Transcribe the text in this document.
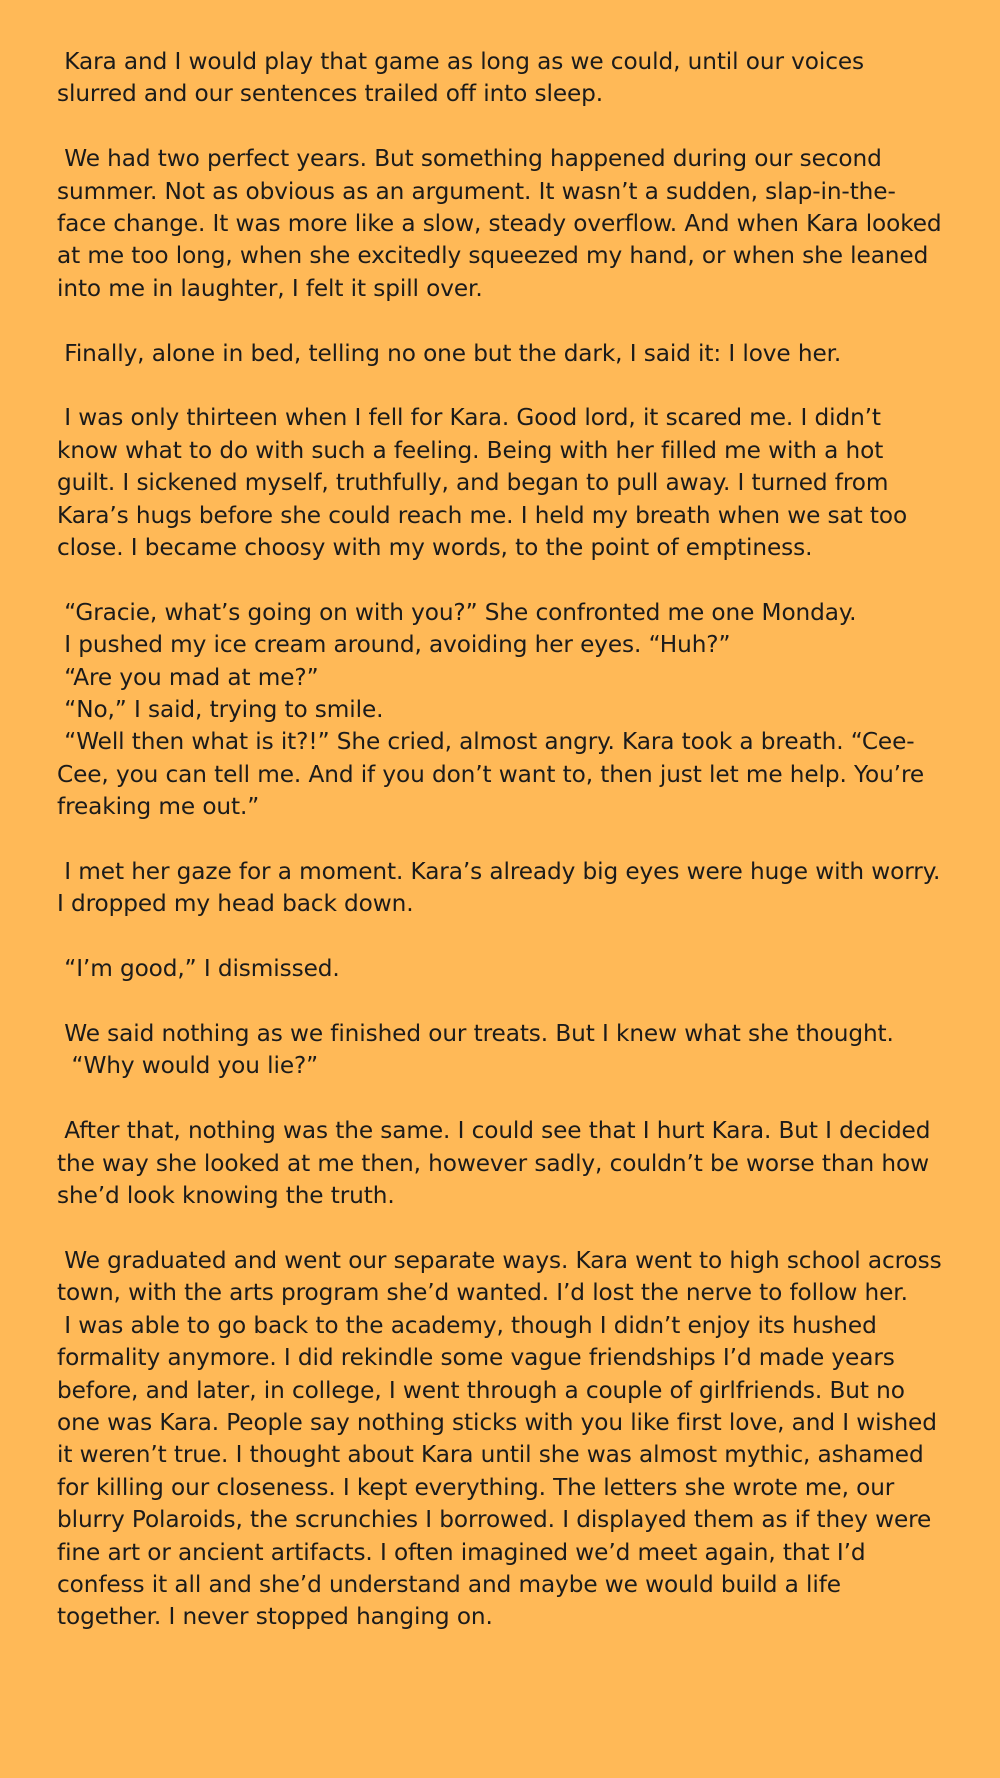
Kara and I would play that game as long as we could, until our voices slurred and our sentences trailed off into sleep.
We had two perfect years. But something happened during our second summer. Not as obvious as an argument. It wasn’t a sudden, slap-in-the-face change. It was more like a slow, steady overflow. And when Kara looked at me too long, when she excitedly squeezed my hand, or when she leaned into me in laughter, I felt it spill over.
Finally, alone in bed, telling no one but the dark, I said it: I love her.
I was only thirteen when I fell for Kara. Good lord, it scared me. I didn’t know what to do with such a feeling. Being with her filled me with a hot guilt. I sickened myself, truthfully, and began to pull away. I turned from Kara’s hugs before she could reach me. I held my breath when we sat too close. I became choosy with my words, to the point of emptiness.
“Gracie, what’s going on with you?” She confronted me one Monday.
I pushed my ice cream around, avoiding her eyes. “Huh?”
“Are you mad at me?”
“No,” I said, trying to smile.
“Well then what is it?!” She cried, almost angry. Kara took a breath. “Cee-Cee, you can tell me. And if you don’t want to, then just let me help. You’re freaking me out.”
I met her gaze for a moment. Kara’s already big eyes were huge with worry. I dropped my head back down.
“I’m good,” I dismissed.
We said nothing as we finished our treats. But I knew what she thought.
“Why would you lie?”
After that, nothing was the same. I could see that I hurt Kara. But I decided the way she looked at me then, however sadly, couldn’t be worse than how she’d look knowing the truth.
We graduated and went our separate ways. Kara went to high school across town, with the arts program she’d wanted. I’d lost the nerve to follow her.
I was able to go back to the academy, though I didn’t enjoy its hushed formality anymore. I did rekindle some vague friendships I’d made years before, and later, in college, I went through a couple of girlfriends. But no one was Kara. People say nothing sticks with you like first love, and I wished it weren’t true. I thought about Kara until she was almost mythic, ashamed for killing our closeness. I kept everything. The letters she wrote me, our blurry Polaroids, the scrunchies I borrowed. I displayed them as if they were fine art or ancient artifacts. I often imagined we’d meet again, that I’d confess it all and she’d understand and maybe we would build a life together. I never stopped hanging on.
